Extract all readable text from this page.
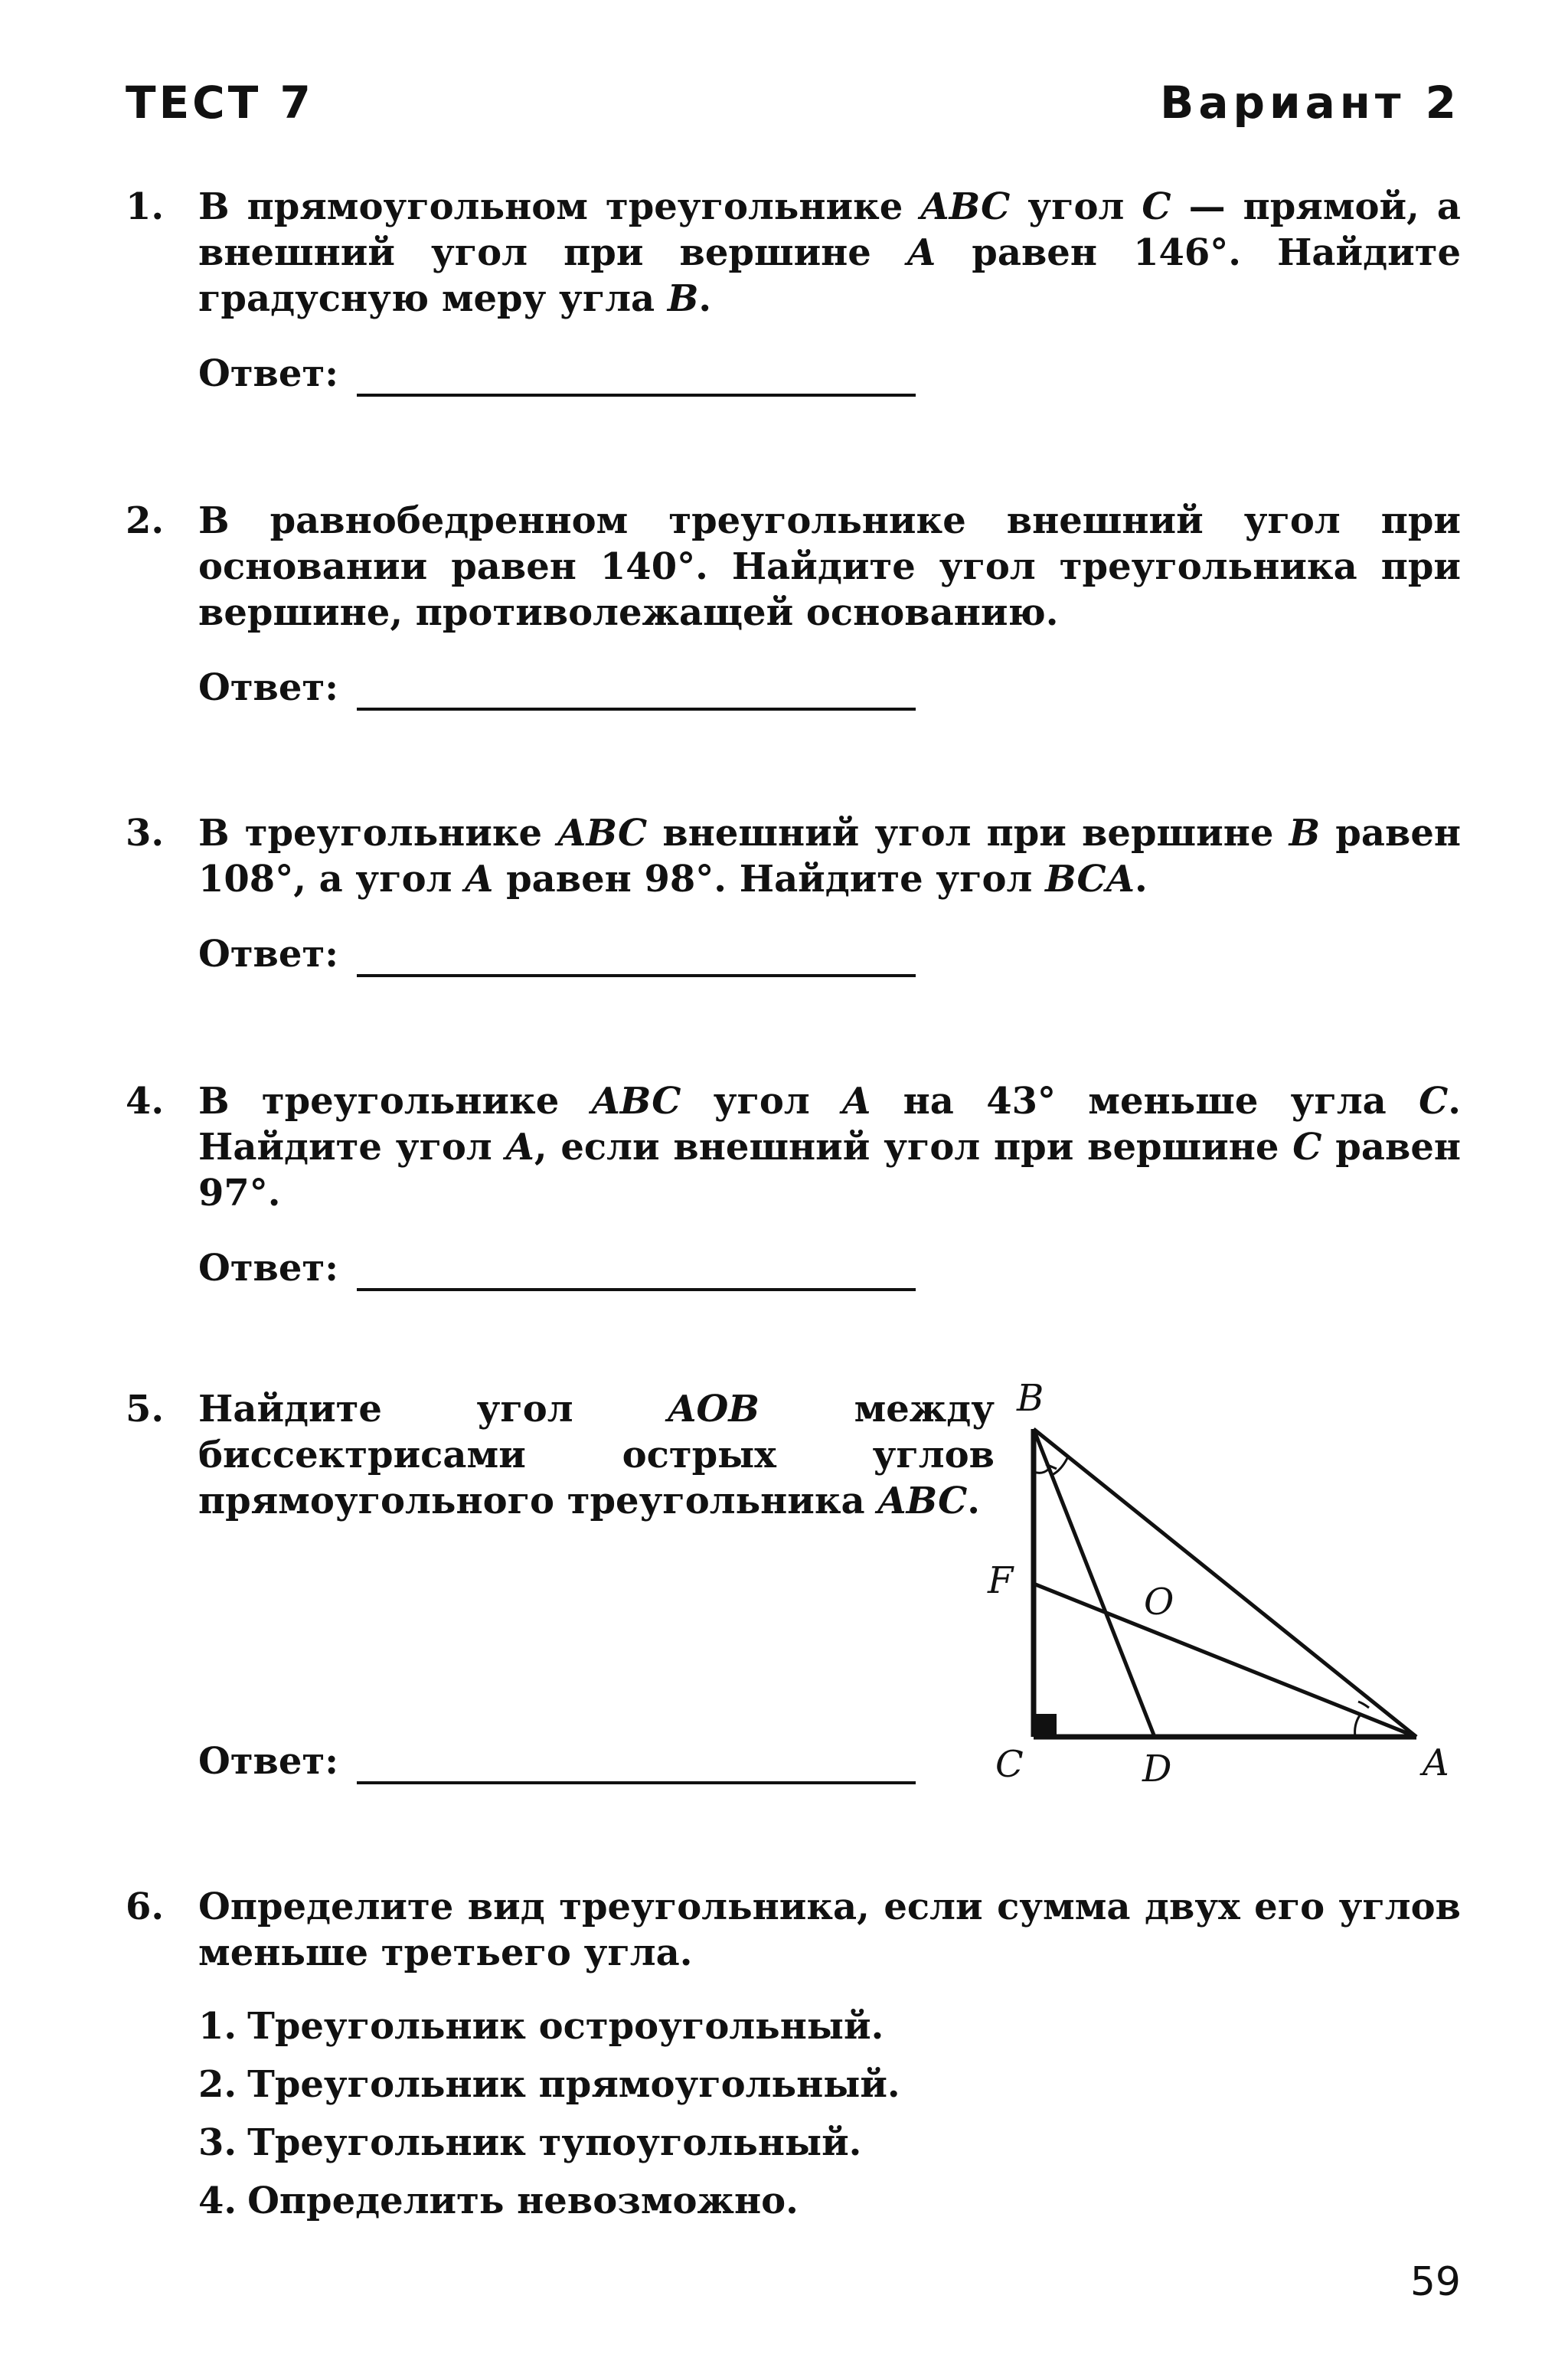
ТЕСТ 7	Вариант 2
1. В прямоугольном треугольнике ABC угол C — прямой, а внешний угол при вершине A равен 146°. Найдите градусную меру угла B.
Ответ:
2. В равнобедренном треугольнике внешний угол при основании равен 140°. Найдите угол треугольника при вершине, противолежащей основанию.
Ответ:
3. В треугольнике ABC внешний угол при вершине B равен 108°, а угол A равен 98°. Найдите угол BCA.
Ответ:
4. В треугольнике ABC угол A на 43° меньше угла C. Найдите угол A, если внешний угол при вершине C равен 97°.
Ответ:
5. Найдите угол AOB между биссектрисами острых углов прямоугольного треугольника ABC.
Ответ:
B
F	O
C	D	A
6. Определите вид треугольника, если сумма двух его углов меньше третьего угла.
1. Треугольник остроугольный.
2. Треугольник прямоугольный.
3. Треугольник тупоугольный.
4. Определить невозможно.
59
